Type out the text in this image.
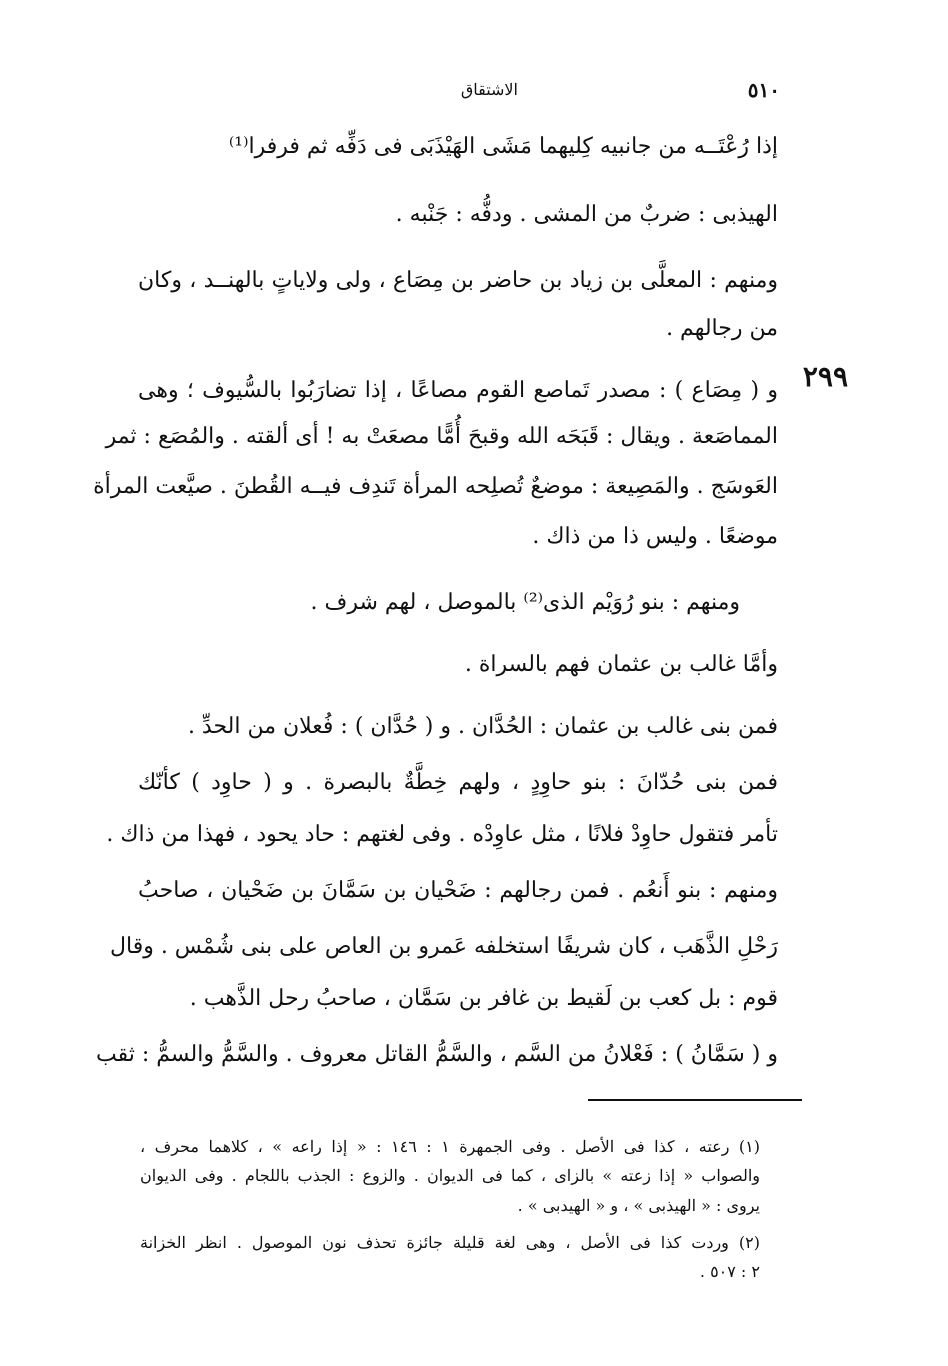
٥١٠
الاشتقاق
٢٩٩
إذا رُعْتَــه من جانبيه كِليهما مَشَى الهَيْذَبَى فى دَفِّه ثم فرفرا⁽¹⁾
الهيذبى : ضربٌ من المشى . ودفُّه : جَنْبه .
ومنهم : المعلَّى بن زياد بن حاضر بن مِصَاع ، ولى ولاياتٍ بالهنــد ، وكان
من رجالهم .
و ( مِصَاع ) : مصدر تَماصع القوم مصاعًا ، إذا تضارَبُوا بالسُّيوف ؛ وهى
المماصَعة . ويقال : قَبَحَه الله وقبحَ أُمًّا مصعَتْ به ! أى ألقته . والمُصَع : ثمر
العَوسَج . والمَصِيعة : موضعٌ تُصلِحه المرأة تَندِف فيــه القُطنَ . صيَّعت المرأة
موضعًا . وليس ذا من ذاك .
ومنهم : بنو رُوَيْم الذى⁽²⁾ بالموصل ، لهم شرف .
وأمَّا غالب بن عثمان فهم بالسراة .
فمن بنى غالب بن عثمان : الحُدَّان . و ( حُدَّان ) : فُعلان من الحدِّ .
فمن بنى حُدّانَ : بنو حاوِدٍ ، ولهم خِطَّةٌ بالبصرة . و ( حاوِد ) كأنّك
تأمر فتقول حاوِدْ فلانًا ، مثل عاوِدْه . وفى لغتهم : حاد يحود ، فهذا من ذاك .
ومنهم : بنو أَنعُم . فمن رجالهم : ضَحْيان بن سَمَّانَ بن ضَحْيان ، صاحبُ
رَحْلِ الذَّهَب ، كان شريفًا استخلفه عَمرو بن العاص على بنى شُمْس . وقال
قوم : بل كعب بن لَقيط بن غافر بن سَمَّان ، صاحبُ رحل الذَّهب .
و ( سَمَّانُ ) : فَعْلانُ من السَّم ، والسَّمُّ القاتل معروف . والسَّمُّ والسمُّ : ثقب
(١) رعته ، كذا فى الأصل . وفى الجمهرة ١ : ١٤٦ : « إذا راعه » ، كلاهما محرف ،
والصواب « إذا زعته » بالزاى ، كما فى الديوان . والزوع : الجذب باللجام . وفى الديوان
يروى : « الهيذبى » ، و « الهيدبى » .
(٢) وردت كذا فى الأصل ، وهى لغة قليلة جائزة تحذف نون الموصول . انظر الخزانة
٢ : ٥٠٧ .
